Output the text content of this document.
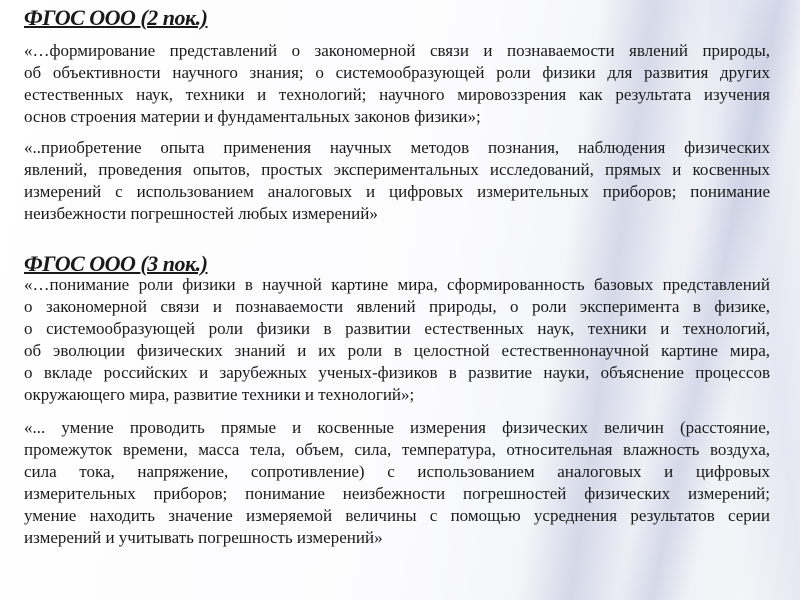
ФГОС ООО (2 пок.)
«…формирование представлений о закономерной связи и познаваемости явлений природы,
об объективности научного знания; о системообразующей роли физики для развития других
естественных наук, техники и технологий; научного мировоззрения как результата изучения
основ строения материи и фундаментальных законов физики»;
«..приобретение опыта применения научных методов познания, наблюдения физических
явлений, проведения опытов, простых экспериментальных исследований, прямых и косвенных
измерений с использованием аналоговых и цифровых измерительных приборов; понимание
неизбежности погрешностей любых измерений»
ФГОС ООО (3 пок.)
«…понимание роли физики в научной картине мира, сформированность базовых представлений
о закономерной связи и познаваемости явлений природы, о роли эксперимента в физике,
о системообразующей роли физики в развитии естественных наук, техники и технологий,
об эволюции физических знаний и их роли в целостной естественнонаучной картине мира,
о вкладе российских и зарубежных ученых-физиков в развитие науки, объяснение процессов
окружающего мира, развитие техники и технологий»;
«... умение проводить прямые и косвенные измерения физических величин (расстояние,
промежуток времени, масса тела, объем, сила, температура, относительная влажность воздуха,
сила тока, напряжение, сопротивление) с использованием аналоговых и цифровых
измерительных приборов; понимание неизбежности погрешностей физических измерений;
умение находить значение измеряемой величины с помощью усреднения результатов серии
измерений и учитывать погрешность измерений»
